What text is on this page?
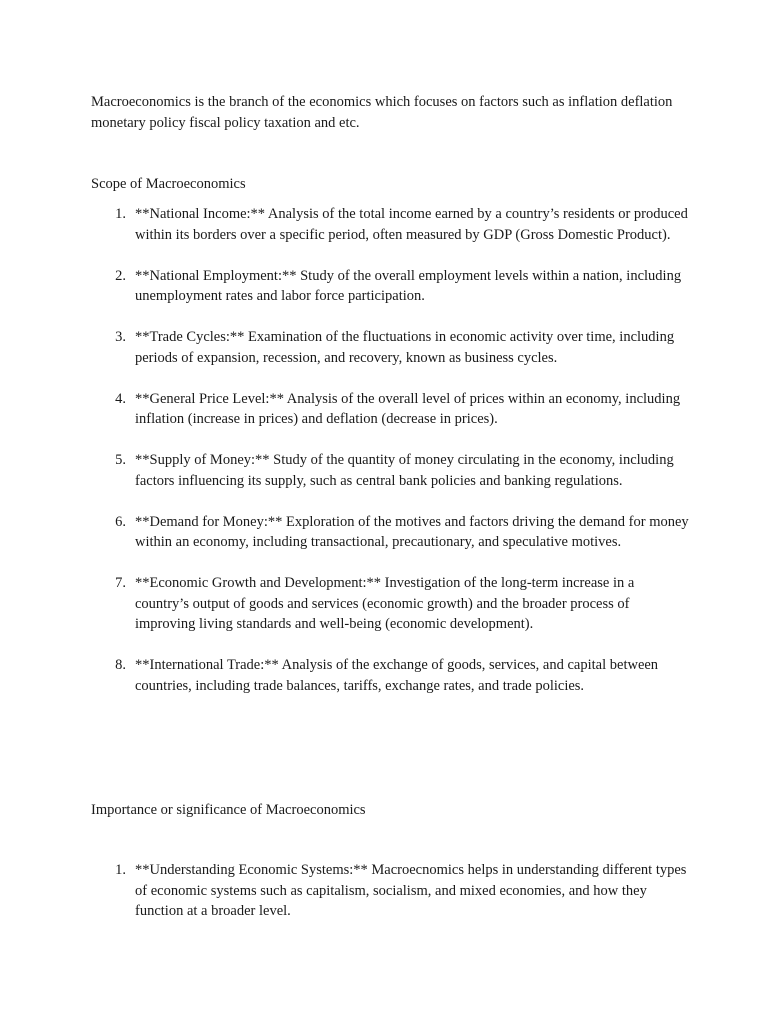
Macroeconomics is the branch of the economics which focuses on factors such as inflation deflation monetary policy fiscal policy taxation and etc.

Scope of Macroeconomics
1. **National Income:** Analysis of the total income earned by a country’s residents or produced within its borders over a specific period, often measured by GDP (Gross Domestic Product).
2. **National Employment:** Study of the overall employment levels within a nation, including unemployment rates and labor force participation.
3. **Trade Cycles:** Examination of the fluctuations in economic activity over time, including periods of expansion, recession, and recovery, known as business cycles.
4. **General Price Level:** Analysis of the overall level of prices within an economy, including inflation (increase in prices) and deflation (decrease in prices).
5. **Supply of Money:** Study of the quantity of money circulating in the economy, including factors influencing its supply, such as central bank policies and banking regulations.
6. **Demand for Money:** Exploration of the motives and factors driving the demand for money within an economy, including transactional, precautionary, and speculative motives.
7. **Economic Growth and Development:** Investigation of the long-term increase in a country’s output of goods and services (economic growth) and the broader process of improving living standards and well-being (economic development).
8. **International Trade:** Analysis of the exchange of goods, services, and capital between countries, including trade balances, tariffs, exchange rates, and trade policies.
Importance or significance of Macroeconomics
1. **Understanding Economic Systems:** Macroecnomics helps in understanding different types of economic systems such as capitalism, socialism, and mixed economies, and how they function at a broader level.
